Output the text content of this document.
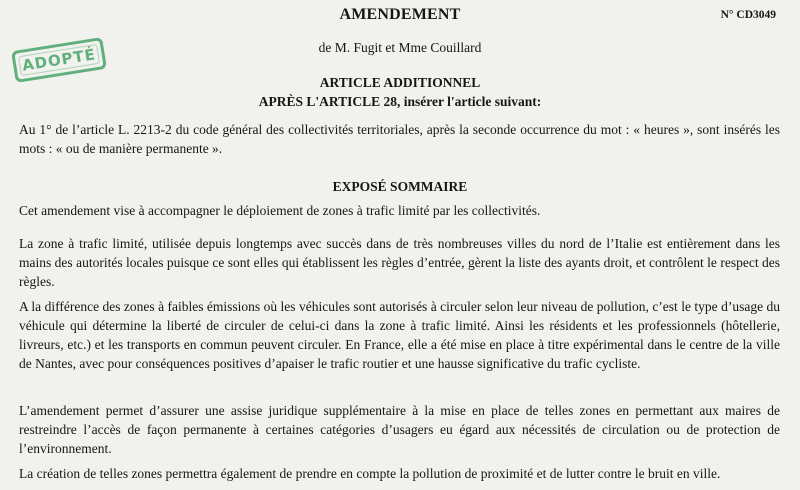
ADOPTÉ
AMENDEMENT	N° CD3049
de M. Fugit et Mme Couillard
ARTICLE ADDITIONNEL
APRÈS L'ARTICLE 28, insérer l'article suivant:

Au 1° de l’article L. 2213-2 du code général des collectivités territoriales, après la seconde occurrence du mot : « heures », sont insérés les mots : « ou de manière permanente ».

EXPOSÉ SOMMAIRE

Cet amendement vise à accompagner le déploiement de zones à trafic limité par les collectivités.

La zone à trafic limité, utilisée depuis longtemps avec succès dans de très nombreuses villes du nord de l’Italie est entièrement dans les mains des autorités locales puisque ce sont elles qui établissent les règles d’entrée, gèrent la liste des ayants droit, et contrôlent le respect des règles.

A la différence des zones à faibles émissions où les véhicules sont autorisés à circuler selon leur niveau de pollution, c’est le type d’usage du véhicule qui détermine la liberté de circuler de celui-ci dans la zone à trafic limité. Ainsi les résidents et les professionnels (hôtellerie, livreurs, etc.) et les transports en commun peuvent circuler. En France, elle a été mise en place à titre expérimental dans le centre de la ville de Nantes, avec pour conséquences positives d’apaiser le trafic routier et une hausse significative du trafic cycliste.

L’amendement permet d’assurer une assise juridique supplémentaire à la mise en place de telles zones en permettant aux maires de restreindre l’accès de façon permanente à certaines catégories d’usagers eu égard aux nécessités de circulation ou de protection de l’environnement.

La création de telles zones permettra également de prendre en compte la pollution de proximité et de lutter contre le bruit en ville.
